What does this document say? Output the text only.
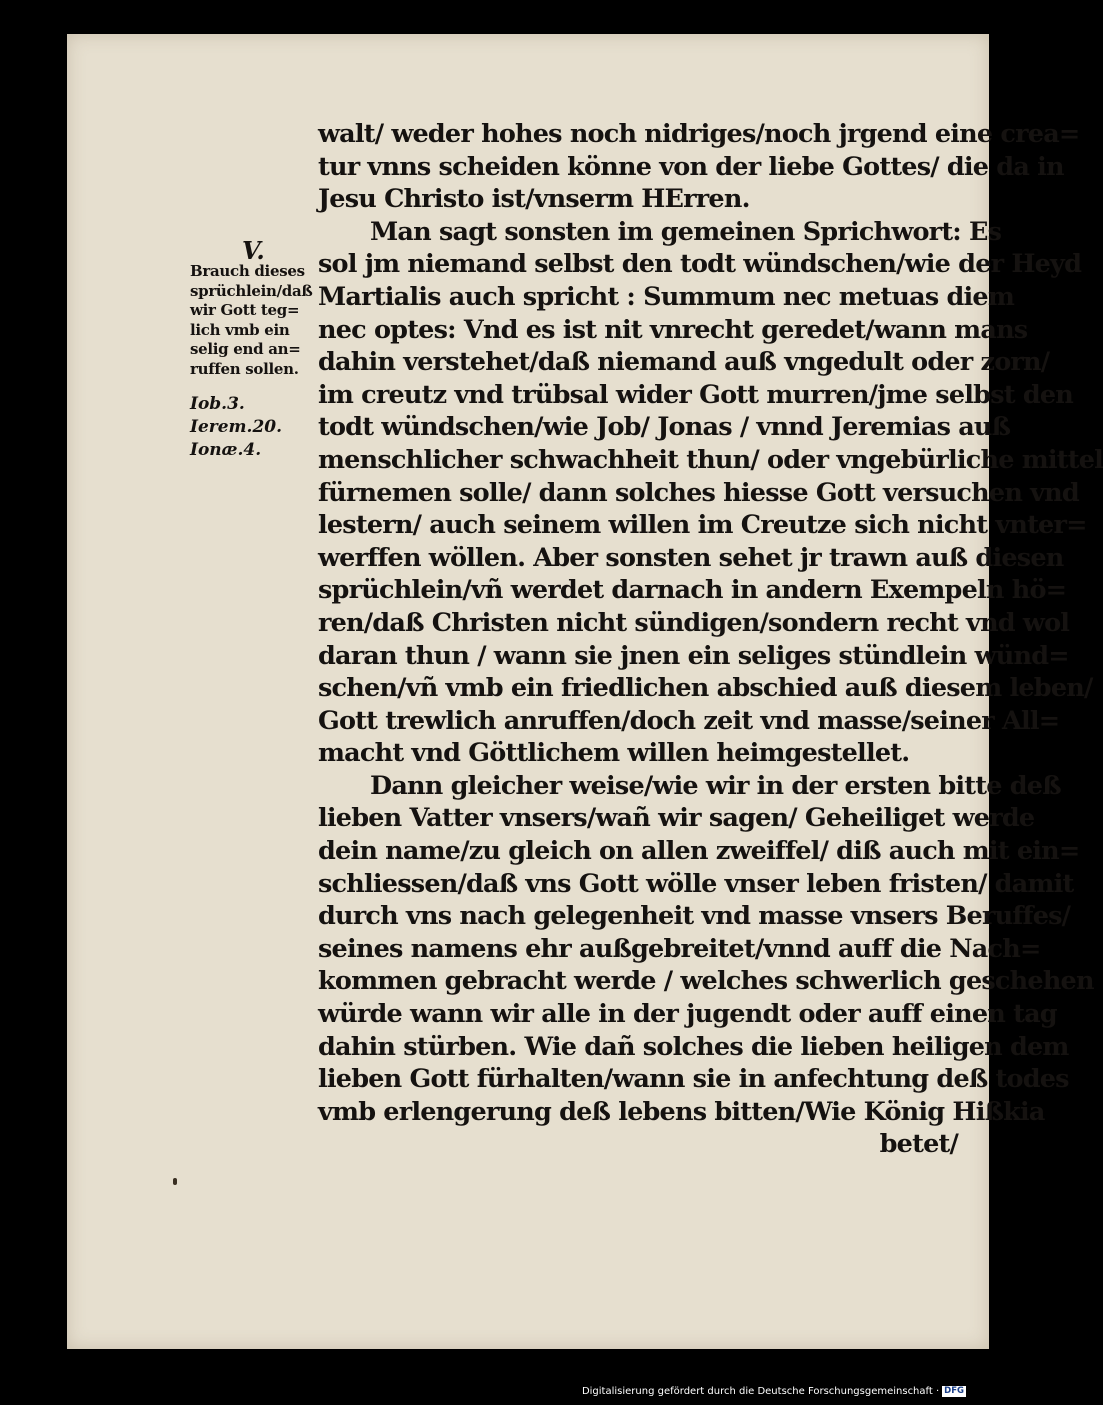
V.
Brauch dieses
sprüchlein/daß
wir Gott teg=
lich vmb ein
selig end an=
ruffen sollen.
Iob.3.
Ierem.20.
Ionæ.4.
walt/ weder hohes noch nidriges/noch jrgend eine crea=
tur vnns scheiden könne von der liebe Gottes/ die da in
Jesu Christo ist/vnserm HErren.
Man sagt sonsten im gemeinen Sprichwort: Es
sol jm niemand selbst den todt wündschen/wie der Heyd
Martialis auch spricht : Summum nec metuas diem
nec optes: Vnd es ist nit vnrecht geredet/wann mans
dahin verstehet/daß niemand auß vngedult oder zorn/
im creutz vnd trübsal wider Gott murren/jme selbst den
todt wündschen/wie Job/ Jonas / vnnd Jeremias auß
menschlicher schwachheit thun/ oder vngebürliche mittel
fürnemen solle/ dann solches hiesse Gott versuchen vnd
lestern/ auch seinem willen im Creutze sich nicht vnter=
werffen wöllen. Aber sonsten sehet jr trawn auß diesen
sprüchlein/vñ werdet darnach in andern Exempeln hö=
ren/daß Christen nicht sündigen/sondern recht vnd wol
daran thun / wann sie jnen ein seliges stündlein wünd=
schen/vñ vmb ein friedlichen abschied auß diesem leben/
Gott trewlich anruffen/doch zeit vnd masse/seiner All=
macht vnd Göttlichem willen heimgestellet.
Dann gleicher weise/wie wir in der ersten bitte deß
lieben Vatter vnsers/wañ wir sagen/ Geheiliget werde
dein name/zu gleich on allen zweiffel/ diß auch mit ein=
schliessen/daß vns Gott wölle vnser leben fristen/ damit
durch vns nach gelegenheit vnd masse vnsers Beruffes/
seines namens ehr außgebreitet/vnnd auff die Nach=
kommen gebracht werde / welches schwerlich geschehen
würde wann wir alle in der jugendt oder auff einen tag
dahin stürben. Wie dañ solches die lieben heiligen dem
lieben Gott fürhalten/wann sie in anfechtung deß todes
vmb erlengerung deß lebens bitten/Wie König Hißkia
betet/
Digitalisierung gefördert durch die Deutsche Forschungsgemeinschaft · DFG
